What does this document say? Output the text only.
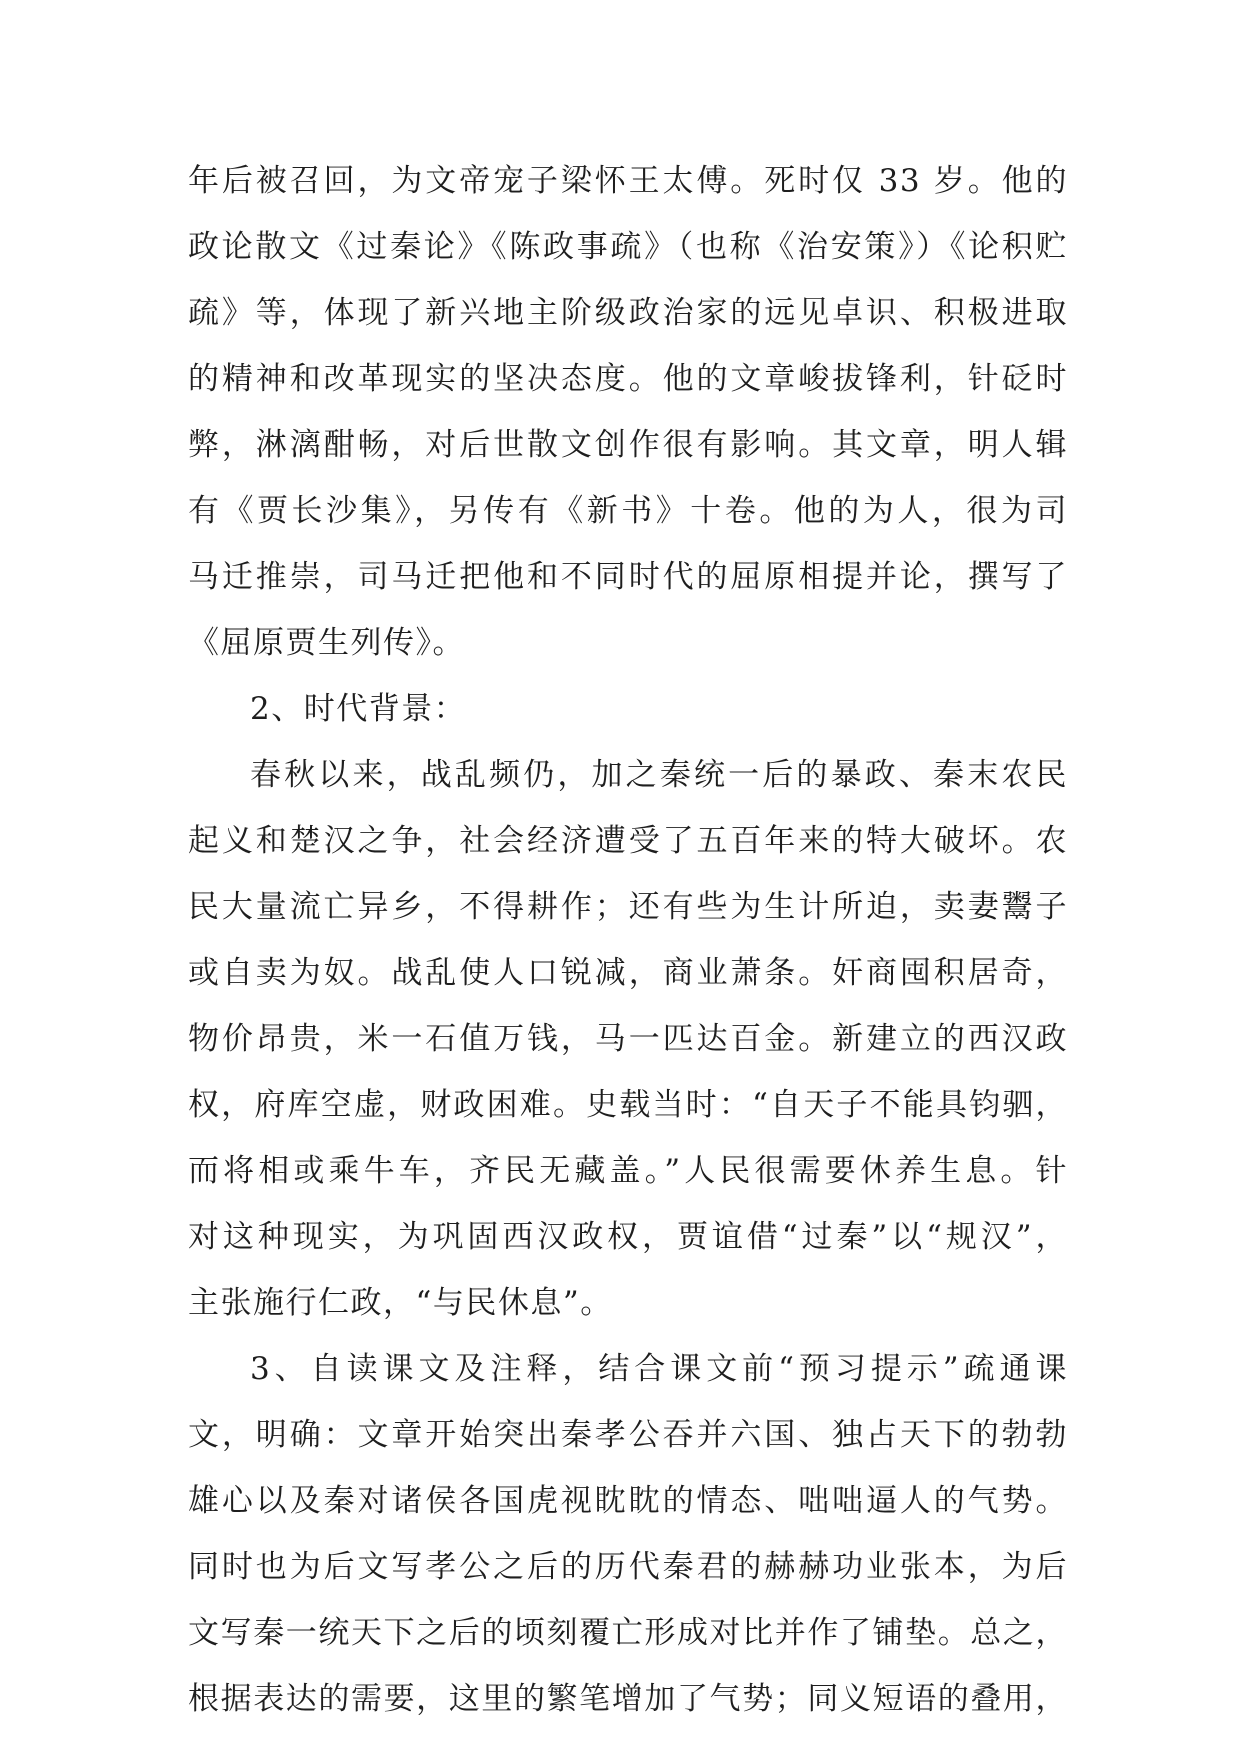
年后被召回，为文帝宠子梁怀王太傅。死时仅 33 岁。他的
政论散文《过秦论》《陈政事疏》（也称《治安策》）《论积贮
疏》等，体现了新兴地主阶级政治家的远见卓识、积极进取
的精神和改革现实的坚决态度。他的文章峻拔锋利，针砭时
弊，淋漓酣畅，对后世散文创作很有影响。其文章，明人辑
有《贾长沙集》，另传有《新书》十卷。他的为人，很为司
马迁推崇，司马迁把他和不同时代的屈原相提并论，撰写了
《屈原贾生列传》。
2、时代背景：
春秋以来，战乱频仍，加之秦统一后的暴政、秦末农民
起义和楚汉之争，社会经济遭受了五百年来的特大破坏。农
民大量流亡异乡，不得耕作；还有些为生计所迫，卖妻鬻子
或自卖为奴。战乱使人口锐减，商业萧条。奸商囤积居奇，
物价昂贵，米一石值万钱，马一匹达百金。新建立的西汉政
权，府库空虚，财政困难。史载当时：“自天子不能具钧驷，
而将相或乘牛车，齐民无藏盖。”人民很需要休养生息。针
对这种现实，为巩固西汉政权，贾谊借“过秦”以“规汉”，
主张施行仁政，“与民休息”。
3、自读课文及注释，结合课文前“预习提示”疏通课
文，明确：文章开始突出秦孝公吞并六国、独占天下的勃勃
雄心以及秦对诸侯各国虎视眈眈的情态、咄咄逼人的气势。
同时也为后文写孝公之后的历代秦君的赫赫功业张本，为后
文写秦一统天下之后的顷刻覆亡形成对比并作了铺垫。总之，
根据表达的需要，这里的繁笔增加了气势；同义短语的叠用，
